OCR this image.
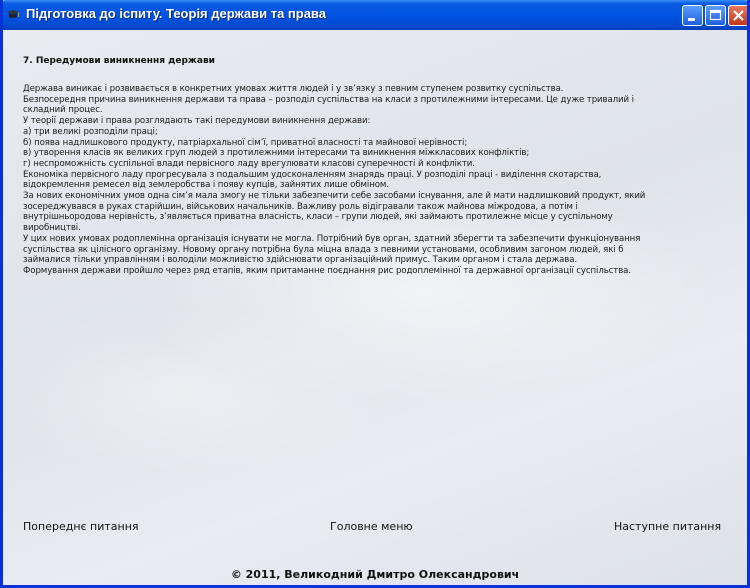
Підготовка до іспиту. Теорія держави та права
7. Передумови виникнення держави
Держава виникає і розвивається в конкретних умовах життя людей і у зв’язку з певним ступенем розвитку суспільства.
Безпосередня причина виникнення держави та права – розподіл суспільства на класи з протилежними інтересами. Це дуже тривалий і
складний процес.
У теорії держави і права розглядають такі передумови виникнення держави:
а) три великі розподіли праці;
б) поява надлишкового продукту, патріархальної сім’ї, приватної власності та майнової нерівності;
в) утворення класів як великих груп людей з протилежними інтересами та виникнення міжкласових конфліктів;
г) неспроможність суспільної влади первісного ладу врегулювати класові суперечності й конфлікти.
Економіка первісного ладу прогресувала з подальшим удосконаленням знарядь праці. У розподілі праці - виділення скотарства,
відокремлення ремесел від землеробства і появу купців, зайнятих лише обміном.
За нових економічних умов одна сім’я мала змогу не тільки забезпечити себе засобами існування, але й мати надлишковий продукт, який
зосереджувався в руках старійшин, військових начальників. Важливу роль відігравали також майнова міжродова, а потім і
внутрішньородова нерівність, з’являється приватна власність, класи – групи людей, які займають протилежне місце у суспільному
виробництві.
У цих нових умовах родоплемінна організація існувати не могла. Потрібний був орган, здатний зберегти та забезпечити функціонування
суспільства як цілісного організму. Новому органу потрібна була міцна влада з певними установами, особливим загоном людей, які б
займалися тільки управлінням і володіли можливістю здійснювати організаційний примус. Таким органом і стала держава.
Формування держави пройшло через ряд етапів, яким притаманне поєднання рис родоплемінної та державної організації суспільства.
Попереднє питання	Головне меню	Наступне питання
© 2011, Великодний Дмитро Олександрович
